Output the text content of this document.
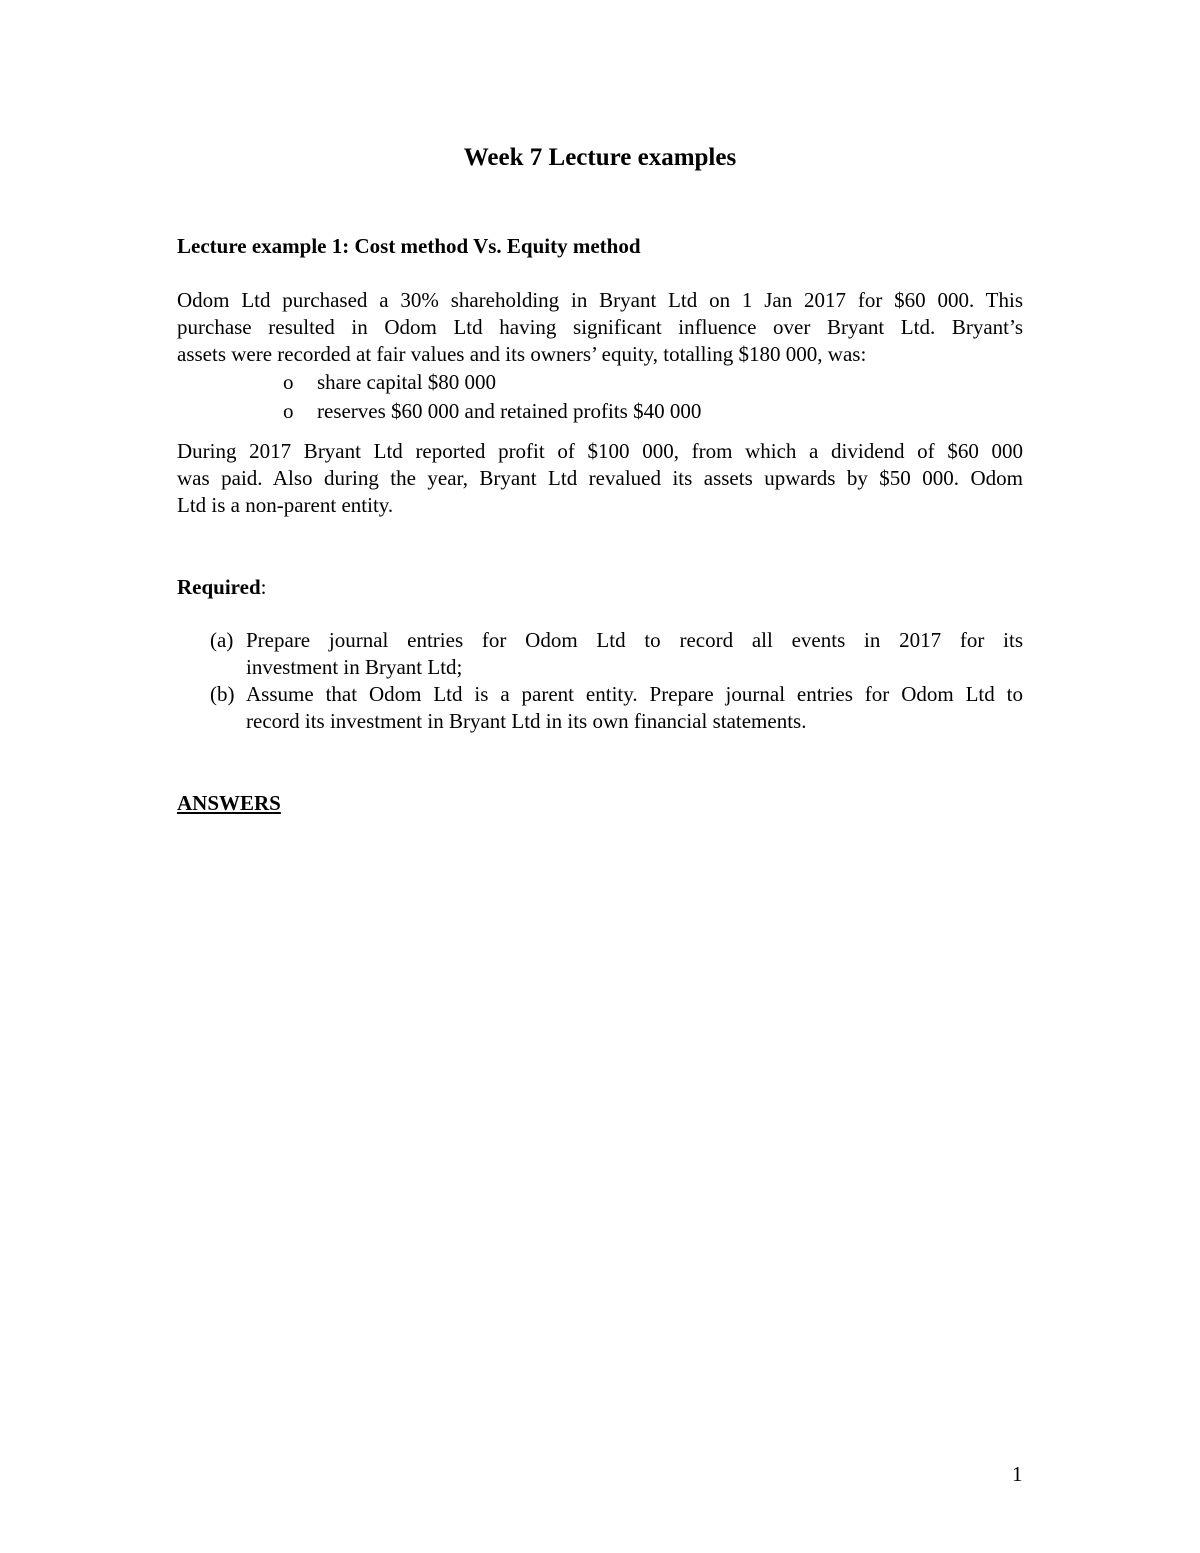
Week 7 Lecture examples
Lecture example 1: Cost method Vs. Equity method
Odom Ltd purchased a 30% shareholding in Bryant Ltd on 1 Jan 2017 for $60 000. This
purchase resulted in Odom Ltd having significant influence over Bryant Ltd. Bryant’s
assets were recorded at fair values and its owners’ equity, totalling $180 000, was:
o share capital $80 000
o reserves $60 000 and retained profits $40 000
During 2017 Bryant Ltd reported profit of $100 000, from which a dividend of $60 000
was paid. Also during the year, Bryant Ltd revalued its assets upwards by $50 000. Odom
Ltd is a non-parent entity.
Required:
(a) Prepare journal entries for Odom Ltd to record all events in 2017 for its
investment in Bryant Ltd;
(b) Assume that Odom Ltd is a parent entity. Prepare journal entries for Odom Ltd to
record its investment in Bryant Ltd in its own financial statements.
ANSWERS
1
